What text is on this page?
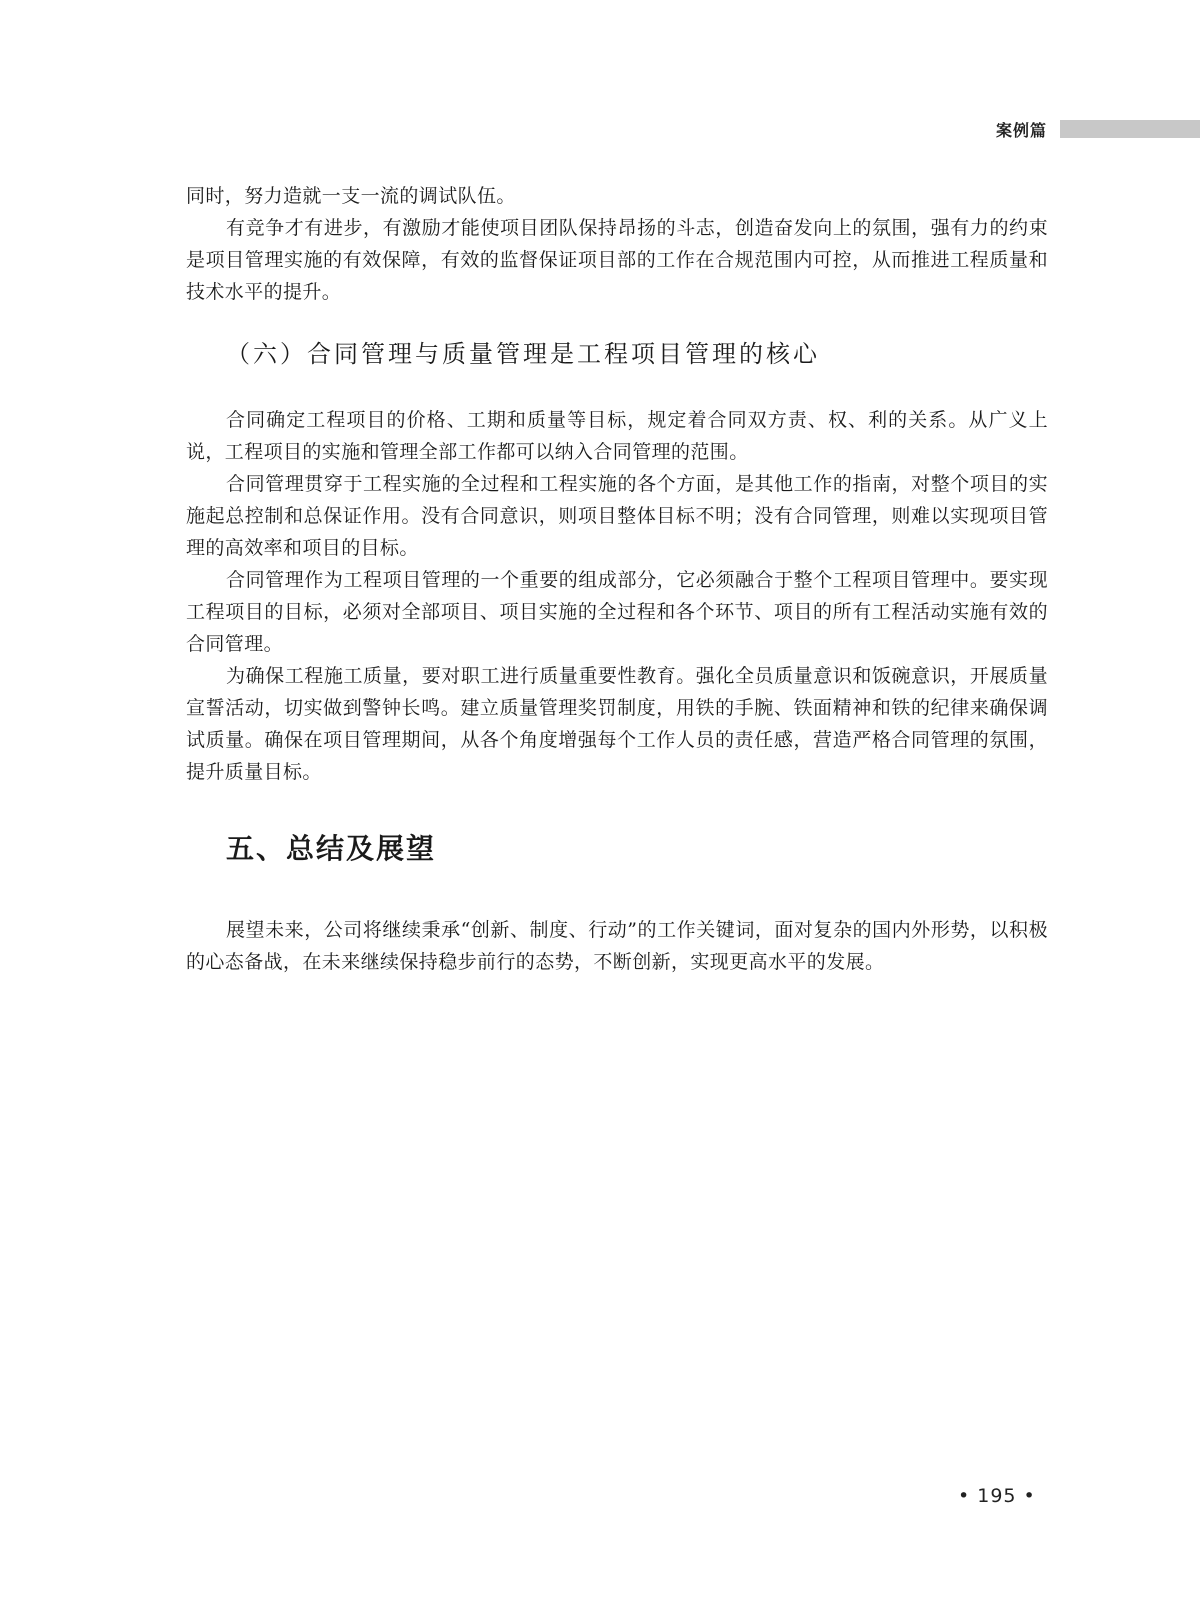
案例篇

同时，努力造就一支一流的调试队伍。

有竞争才有进步，有激励才能使项目团队保持昂扬的斗志，创造奋发向上的氛围，强有力的约束是项目管理实施的有效保障，有效的监督保证项目部的工作在合规范围内可控，从而推进工程质量和技术水平的提升。

（六）合同管理与质量管理是工程项目管理的核心

合同确定工程项目的价格、工期和质量等目标，规定着合同双方责、权、利的关系。从广义上说，工程项目的实施和管理全部工作都可以纳入合同管理的范围。

合同管理贯穿于工程实施的全过程和工程实施的各个方面，是其他工作的指南，对整个项目的实施起总控制和总保证作用。没有合同意识，则项目整体目标不明；没有合同管理，则难以实现项目管理的高效率和项目的目标。

合同管理作为工程项目管理的一个重要的组成部分，它必须融合于整个工程项目管理中。要实现工程项目的目标，必须对全部项目、项目实施的全过程和各个环节、项目的所有工程活动实施有效的合同管理。

为确保工程施工质量，要对职工进行质量重要性教育。强化全员质量意识和饭碗意识，开展质量宣誓活动，切实做到警钟长鸣。建立质量管理奖罚制度，用铁的手腕、铁面精神和铁的纪律来确保调试质量。确保在项目管理期间，从各个角度增强每个工作人员的责任感，营造严格合同管理的氛围，提升质量目标。

五、总结及展望

展望未来，公司将继续秉承“创新、制度、行动”的工作关键词，面对复杂的国内外形势，以积极的心态备战，在未来继续保持稳步前行的态势，不断创新，实现更高水平的发展。

• 195 •
